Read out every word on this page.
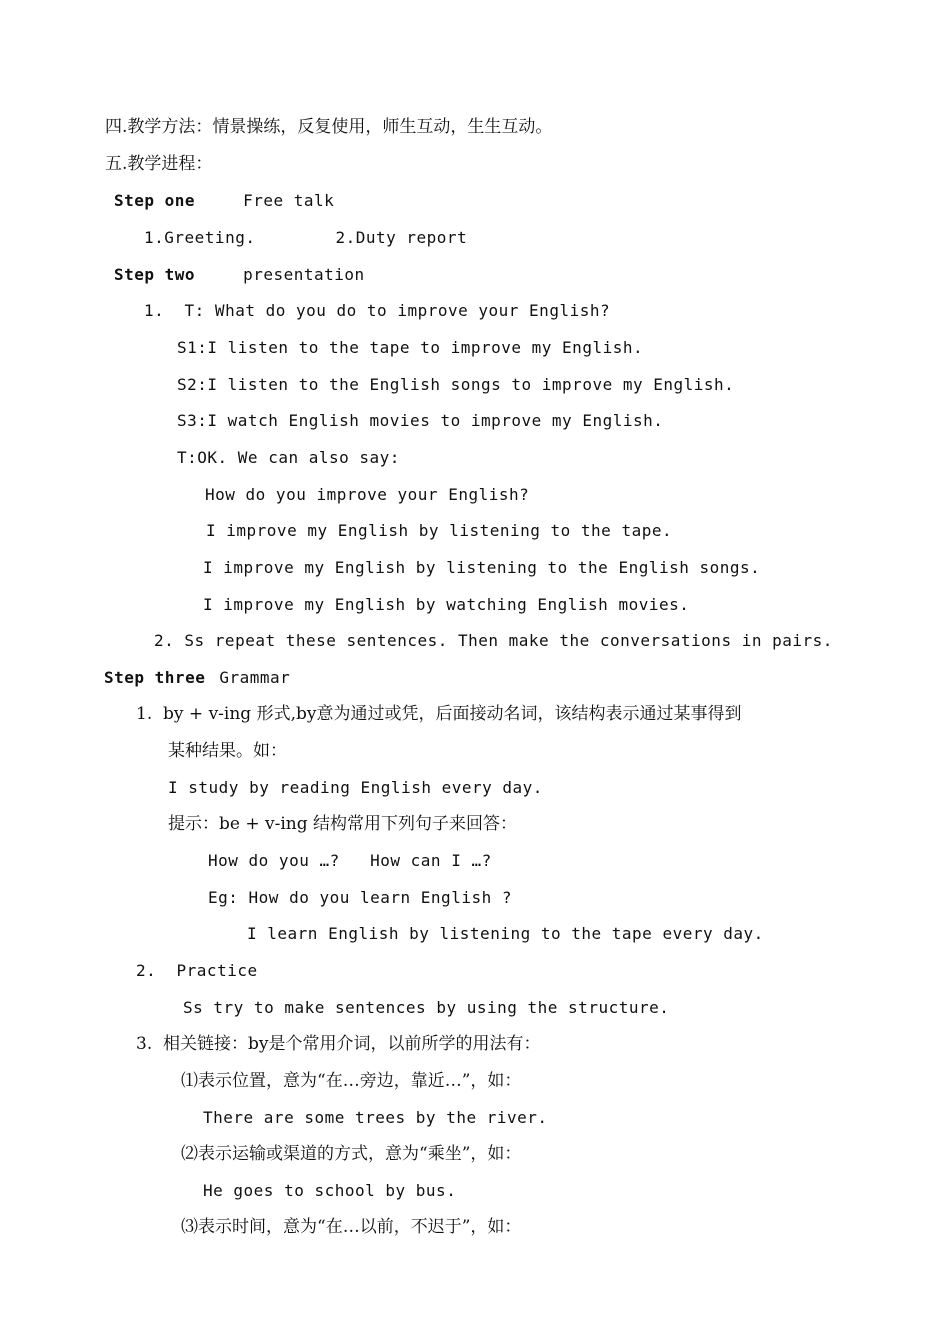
四.教学方法：情景操练，反复使用，师生互动，生生互动。
五.教学进程：
Step one	Free talk
1.Greeting.	2.Duty report
Step two	presentation
1.  T: What do you do to improve your English?
S1:I listen to the tape to improve my English.
S2:I listen to the English songs to improve my English.
S3:I watch English movies to improve my English.
T:OK. We can also say:
How do you improve your English?
I improve my English by listening to the tape.
I improve my English by listening to the English songs.
I improve my English by watching English movies.
2. Ss repeat these sentences. Then make the conversations in pairs.
Step three Grammar
1.  by + v-ing 形式,by意为通过或凭，后面接动名词，该结构表示通过某事得到
某种结果。如：
I study by reading English every day.
提示：be + v-ing 结构常用下列句子来回答：
How do you …?   How can I …?
Eg: How do you learn English ?
I learn English by listening to the tape every day.
2.  Practice
Ss try to make sentences by using the structure.
3.  相关链接：by是个常用介词，以前所学的用法有：
⑴表示位置，意为“在…旁边，靠近…”，如：
There are some trees by the river.
⑵表示运输或渠道的方式，意为“乘坐”，如：
He goes to school by bus.
⑶表示时间，意为“在…以前，不迟于”，如：
